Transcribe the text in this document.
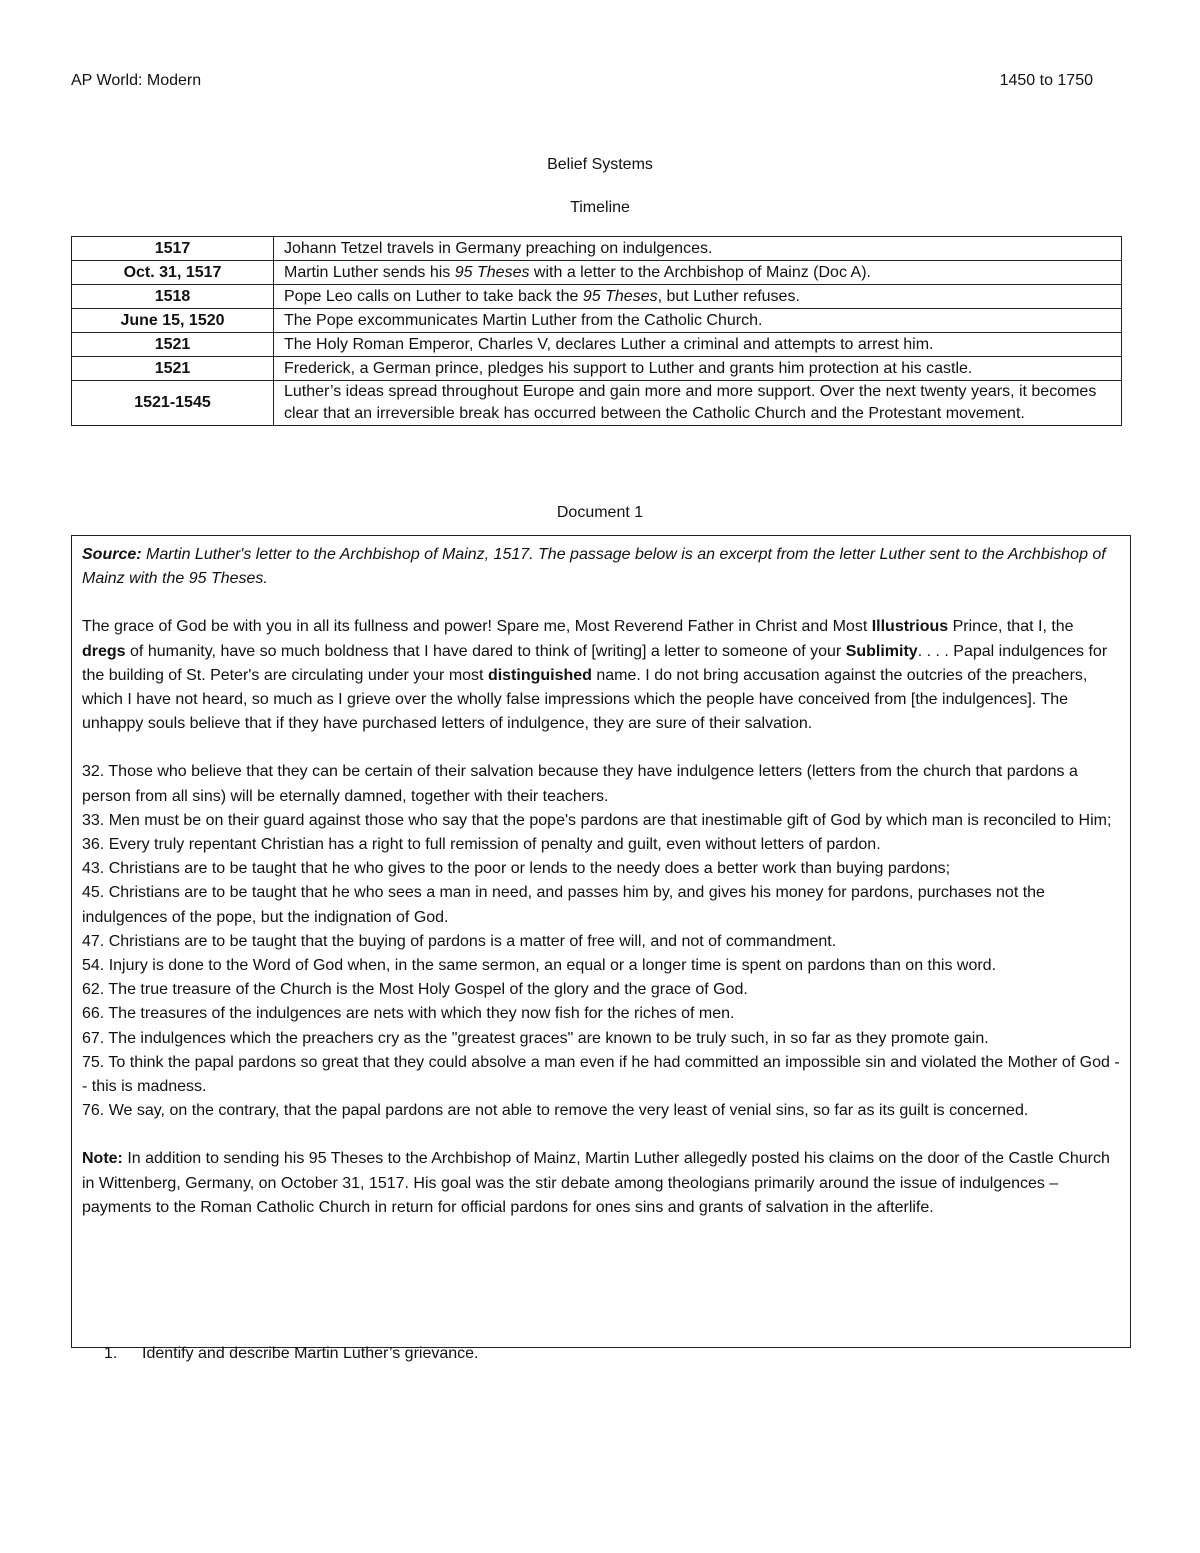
AP World: Modern	1450 to 1750
Belief Systems
Timeline
1517	Johann Tetzel travels in Germany preaching on indulgences.
Oct. 31, 1517	Martin Luther sends his 95 Theses with a letter to the Archbishop of Mainz (Doc A).
1518	Pope Leo calls on Luther to take back the 95 Theses, but Luther refuses.
June 15, 1520	The Pope excommunicates Martin Luther from the Catholic Church.
1521	The Holy Roman Emperor, Charles V, declares Luther a criminal and attempts to arrest him.
1521	Frederick, a German prince, pledges his support to Luther and grants him protection at his castle.
1521-1545	Luther’s ideas spread throughout Europe and gain more and more support. Over the next twenty years, it becomes clear that an irreversible break has occurred between the Catholic Church and the Protestant movement.
Document 1

Source: Martin Luther's letter to the Archbishop of Mainz, 1517. The passage below is an excerpt from the letter Luther sent to the Archbishop of Mainz with the 95 Theses.

The grace of God be with you in all its fullness and power! Spare me, Most Reverend Father in Christ and Most Illustrious Prince, that I, the dregs of humanity, have so much boldness that I have dared to think of [writing] a letter to someone of your Sublimity. . . . Papal indulgences for the building of St. Peter's are circulating under your most distinguished name. I do not bring accusation against the outcries of the preachers, which I have not heard, so much as I grieve over the wholly false impressions which the people have conceived from [the indulgences]. The unhappy souls believe that if they have purchased letters of indulgence, they are sure of their salvation.

32. Those who believe that they can be certain of their salvation because they have indulgence letters (letters from the church that pardons a person from all sins) will be eternally damned, together with their teachers.

33. Men must be on their guard against those who say that the pope's pardons are that inestimable gift of God by which man is reconciled to Him;

36. Every truly repentant Christian has a right to full remission of penalty and guilt, even without letters of pardon.

43. Christians are to be taught that he who gives to the poor or lends to the needy does a better work than buying pardons;

45. Christians are to be taught that he who sees a man in need, and passes him by, and gives his money for pardons, purchases not the indulgences of the pope, but the indignation of God.

47. Christians are to be taught that the buying of pardons is a matter of free will, and not of commandment.

54. Injury is done to the Word of God when, in the same sermon, an equal or a longer time is spent on pardons than on this word.

62. The true treasure of the Church is the Most Holy Gospel of the glory and the grace of God.

66. The treasures of the indulgences are nets with which they now fish for the riches of men.

67. The indulgences which the preachers cry as the "greatest graces" are known to be truly such, in so far as they promote gain.

75. To think the papal pardons so great that they could absolve a man even if he had committed an impossible sin and violated the Mother of God -- this is madness.

76. We say, on the contrary, that the papal pardons are not able to remove the very least of venial sins, so far as its guilt is concerned.

Note: In addition to sending his 95 Theses to the Archbishop of Mainz, Martin Luther allegedly posted his claims on the door of the Castle Church in Wittenberg, Germany, on October 31, 1517. His goal was the stir debate among theologians primarily around the issue of indulgences – payments to the Roman Catholic Church in return for official pardons for ones sins and grants of salvation in the afterlife.

1. Identify and describe Martin Luther’s grievance.
